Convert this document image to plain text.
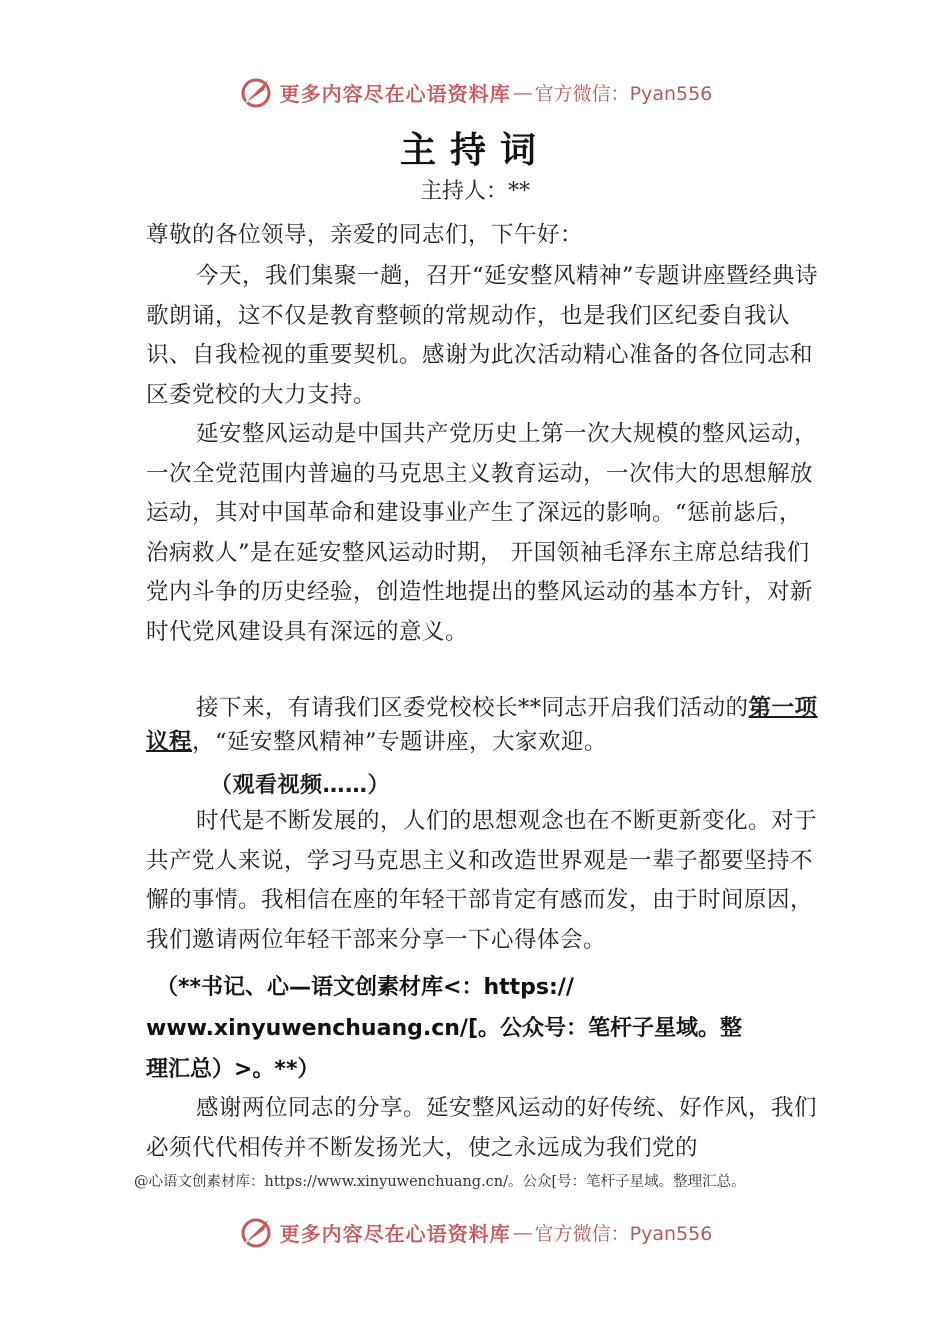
更多内容尽在心语资料库 — 官方微信：Pyan556
主持词
主持人：**

尊敬的各位领导，亲爱的同志们，下午好：

今天，我们集聚一趟，召开“延安整风精神”专题讲座暨经典诗歌朗诵，这不仅是教育整顿的常规动作，也是我们区纪委自我认识、自我检视的重要契机。感谢为此次活动精心准备的各位同志和区委党校的大力支持。

延安整风运动是中国共产党历史上第一次大规模的整风运动，一次全党范围内普遍的马克思主义教育运动，一次伟大的思想解放运动，其对中国革命和建设事业产生了深远的影响。“惩前毖后，治病救人”是在延安整风运动时期， 开国领袖毛泽东主席总结我们党内斗争的历史经验，创造性地提出的整风运动的基本方针，对新时代党风建设具有深远的意义。

接下来，有请我们区委党校校长**同志开启我们活动的第一项议程，“延安整风精神”专题讲座，大家欢迎。

（观看视频……）

时代是不断发展的，人们的思想观念也在不断更新变化。对于共产党人来说，学习马克思主义和改造世界观是一辈子都要坚持不懈的事情。我相信在座的年轻干部肯定有感而发，由于时间原因，我们邀请两位年轻干部来分享一下心得体会。

（**书记、心—语文创素材库<：https://
www.xinyuwenchuang.cn/[。公众号：笔杆子星域。整
理汇总）>。**）

感谢两位同志的分享。延安整风运动的好传统、好作风，我们必须代代相传并不断发扬光大，使之永远成为我们党的

@心语文创素材库：https://www.xinyuwenchuang.cn/。公众[号：笔杆子星域。整理汇总。
更多内容尽在心语资料库 — 官方微信：Pyan556
